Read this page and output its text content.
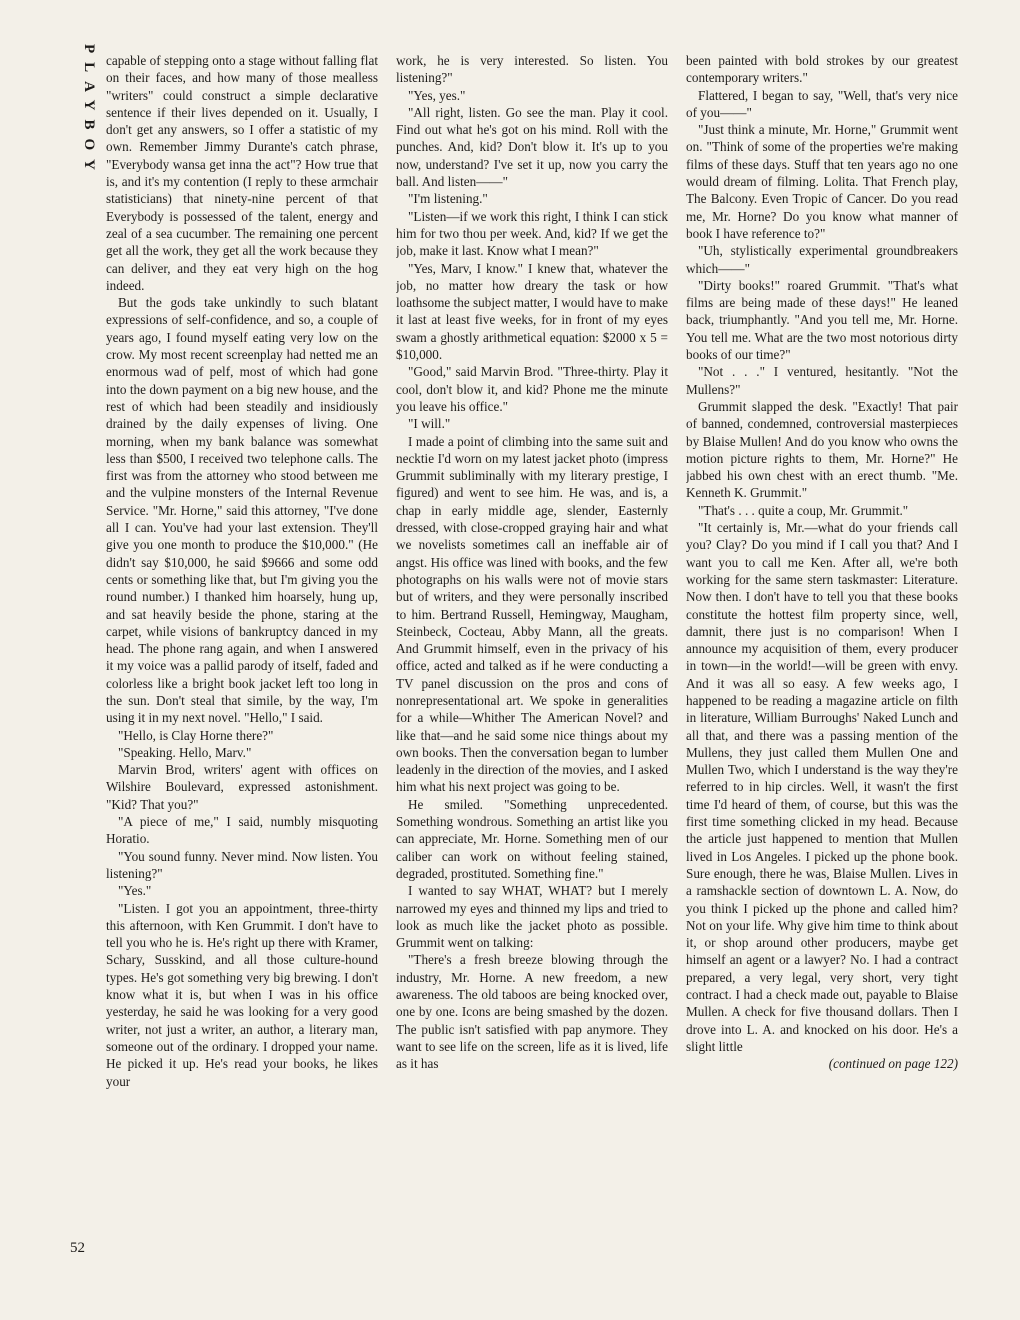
PLAYBOY capable of stepping onto a stage without falling flat on their faces, and how many of those mealless "writers" could construct a simple declarative sentence if their lives depended on it. Usually, I don't get any answers, so I offer a statistic of my own. Remember Jimmy Durante's catch phrase, "Everybody wansa get inna the act"? How true that is, and it's my contention (I reply to these armchair statisticians) that ninety-nine percent of that Everybody is possessed of the talent, energy and zeal of a sea cucumber. The remaining one percent get all the work, they get all the work because they can deliver, and they eat very high on the hog indeed.

But the gods take unkindly to such blatant expressions of self-confidence, and so, a couple of years ago, I found myself eating very low on the crow. My most recent screenplay had netted me an enormous wad of pelf, most of which had gone into the down payment on a big new house, and the rest of which had been steadily and insidiously drained by the daily expenses of living. One morning, when my bank balance was somewhat less than $500, I received two telephone calls. The first was from the attorney who stood between me and the vulpine monsters of the Internal Revenue Service. "Mr. Horne," said this attorney, "I've done all I can. You've had your last extension. They'll give you one month to produce the $10,000." (He didn't say $10,000, he said $9666 and some odd cents or something like that, but I'm giving you the round number.) I thanked him hoarsely, hung up, and sat heavily beside the phone, staring at the carpet, while visions of bankruptcy danced in my head. The phone rang again, and when I answered it my voice was a pallid parody of itself, faded and colorless like a bright book jacket left too long in the sun. Don't steal that simile, by the way, I'm using it in my next novel. "Hello," I said.

"Hello, is Clay Horne there?"

"Speaking. Hello, Marv."

Marvin Brod, writers' agent with offices on Wilshire Boulevard, expressed astonishment. "Kid? That you?"

"A piece of me," I said, numbly misquoting Horatio.

"You sound funny. Never mind. Now listen. You listening?"

"Yes."

"Listen. I got you an appointment, three-thirty this afternoon, with Ken Grummit. I don't have to tell you who he is. He's right up there with Kramer, Schary, Susskind, and all those culture-hound types. He's got something very big brewing. I don't know what it is, but when I was in his office yesterday, he said he was looking for a very good writer, not just a writer, an author, a literary man, someone out of the ordinary. I dropped your name. He picked it up. He's read your books, he likes your

work, he is very interested. So listen. You listening?"

"Yes, yes."

"All right, listen. Go see the man. Play it cool. Find out what he's got on his mind. Roll with the punches. And, kid? Don't blow it. It's up to you now, understand? I've set it up, now you carry the ball. And listen——"

"I'm listening."

"Listen—if we work this right, I think I can stick him for two thou per week. And, kid? If we get the job, make it last. Know what I mean?"

"Yes, Marv, I know." I knew that, whatever the job, no matter how dreary the task or how loathsome the subject matter, I would have to make it last at least five weeks, for in front of my eyes swam a ghostly arithmetical equation: $2000 x 5 = $10,000.

"Good," said Marvin Brod. "Three-thirty. Play it cool, don't blow it, and kid? Phone me the minute you leave his office."

"I will."

I made a point of climbing into the same suit and necktie I'd worn on my latest jacket photo (impress Grummit subliminally with my literary prestige, I figured) and went to see him. He was, and is, a chap in early middle age, slender, Easternly dressed, with close-cropped graying hair and what we novelists sometimes call an ineffable air of angst. His office was lined with books, and the few photographs on his walls were not of movie stars but of writers, and they were personally inscribed to him. Bertrand Russell, Hemingway, Maugham, Steinbeck, Cocteau, Abby Mann, all the greats. And Grummit himself, even in the privacy of his office, acted and talked as if he were conducting a TV panel discussion on the pros and cons of nonrepresentational art. We spoke in generalities for a while—Whither The American Novel? and like that—and he said some nice things about my own books. Then the conversation began to lumber leadenly in the direction of the movies, and I asked him what his next project was going to be.

He smiled. "Something unprecedented. Something wondrous. Something an artist like you can appreciate, Mr. Horne. Something men of our caliber can work on without feeling stained, degraded, prostituted. Something fine."

I wanted to say WHAT, WHAT? but I merely narrowed my eyes and thinned my lips and tried to look as much like the jacket photo as possible. Grummit went on talking:

"There's a fresh breeze blowing through the industry, Mr. Horne. A new freedom, a new awareness. The old taboos are being knocked over, one by one. Icons are being smashed by the dozen. The public isn't satisfied with pap anymore. They want to see life on the screen, life as it is lived, life as it has

been painted with bold strokes by our greatest contemporary writers."

Flattered, I began to say, "Well, that's very nice of you——"

"Just think a minute, Mr. Horne," Grummit went on. "Think of some of the properties we're making films of these days. Stuff that ten years ago no one would dream of filming. Lolita. That French play, The Balcony. Even Tropic of Cancer. Do you read me, Mr. Horne? Do you know what manner of book I have reference to?"

"Uh, stylistically experimental groundbreakers which——"

"Dirty books!" roared Grummit. "That's what films are being made of these days!" He leaned back, triumphantly. "And you tell me, Mr. Horne. You tell me. What are the two most notorious dirty books of our time?"

"Not . . ." I ventured, hesitantly. "Not the Mullens?"

Grummit slapped the desk. "Exactly! That pair of banned, condemned, controversial masterpieces by Blaise Mullen! And do you know who owns the motion picture rights to them, Mr. Horne?" He jabbed his own chest with an erect thumb. "Me. Kenneth K. Grummit."

"That's . . . quite a coup, Mr. Grummit."

"It certainly is, Mr.—what do your friends call you? Clay? Do you mind if I call you that? And I want you to call me Ken. After all, we're both working for the same stern taskmaster: Literature. Now then. I don't have to tell you that these books constitute the hottest film property since, well, damnit, there just is no comparison! When I announce my acquisition of them, every producer in town—in the world!—will be green with envy. And it was all so easy. A few weeks ago, I happened to be reading a magazine article on filth in literature, William Burroughs' Naked Lunch and all that, and there was a passing mention of the Mullens, they just called them Mullen One and Mullen Two, which I understand is the way they're referred to in hip circles. Well, it wasn't the first time I'd heard of them, of course, but this was the first time something clicked in my head. Because the article just happened to mention that Mullen lived in Los Angeles. I picked up the phone book. Sure enough, there he was, Blaise Mullen. Lives in a ramshackle section of downtown L. A. Now, do you think I picked up the phone and called him? Not on your life. Why give him time to think about it, or shop around other producers, maybe get himself an agent or a lawyer? No. I had a contract prepared, a very legal, very short, very tight contract. I had a check made out, payable to Blaise Mullen. A check for five thousand dollars. Then I drove into L. A. and knocked on his door. He's a slight little

(continued on page 122)

52
